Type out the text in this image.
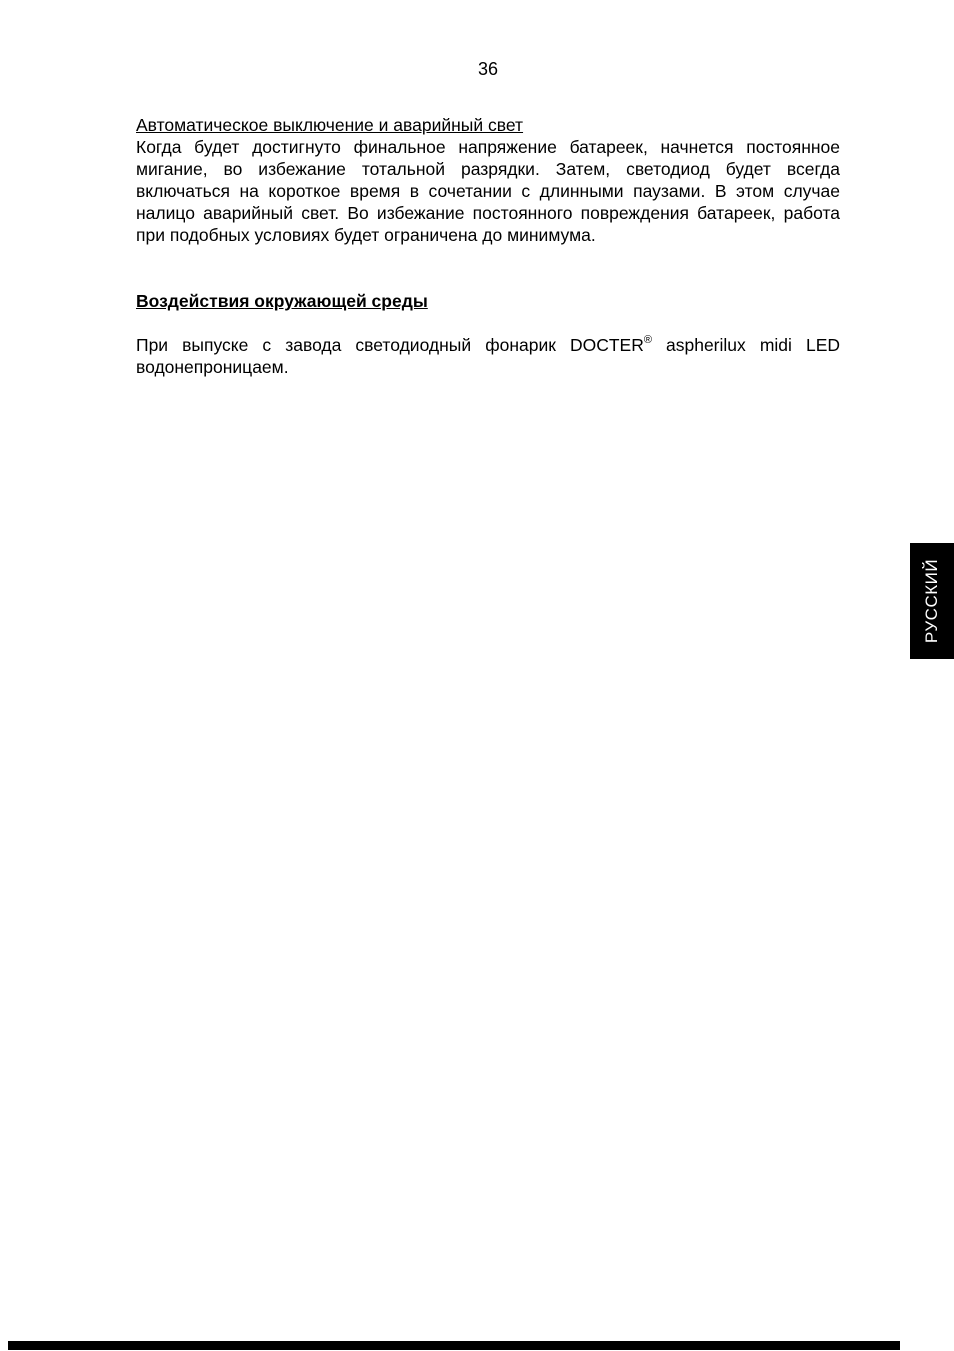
36
Автоматическое выключение и аварийный свет

Когда будет достигнуто финальное напряжение батареек, начнется постоянное мигание, во избежание тотальной разрядки. Затем, светодиод будет всегда включаться на короткое время в сочетании с длинными паузами. В этом случае налицо аварийный свет. Во избежание постоянного повреждения батареек, работа при подобных условиях будет ограничена до минимума.

Воздействия окружающей среды

При выпуске с завода светодиодный фонарик DOCTER® aspherilux midi LED водонепроницаем.

РУССКИЙ
